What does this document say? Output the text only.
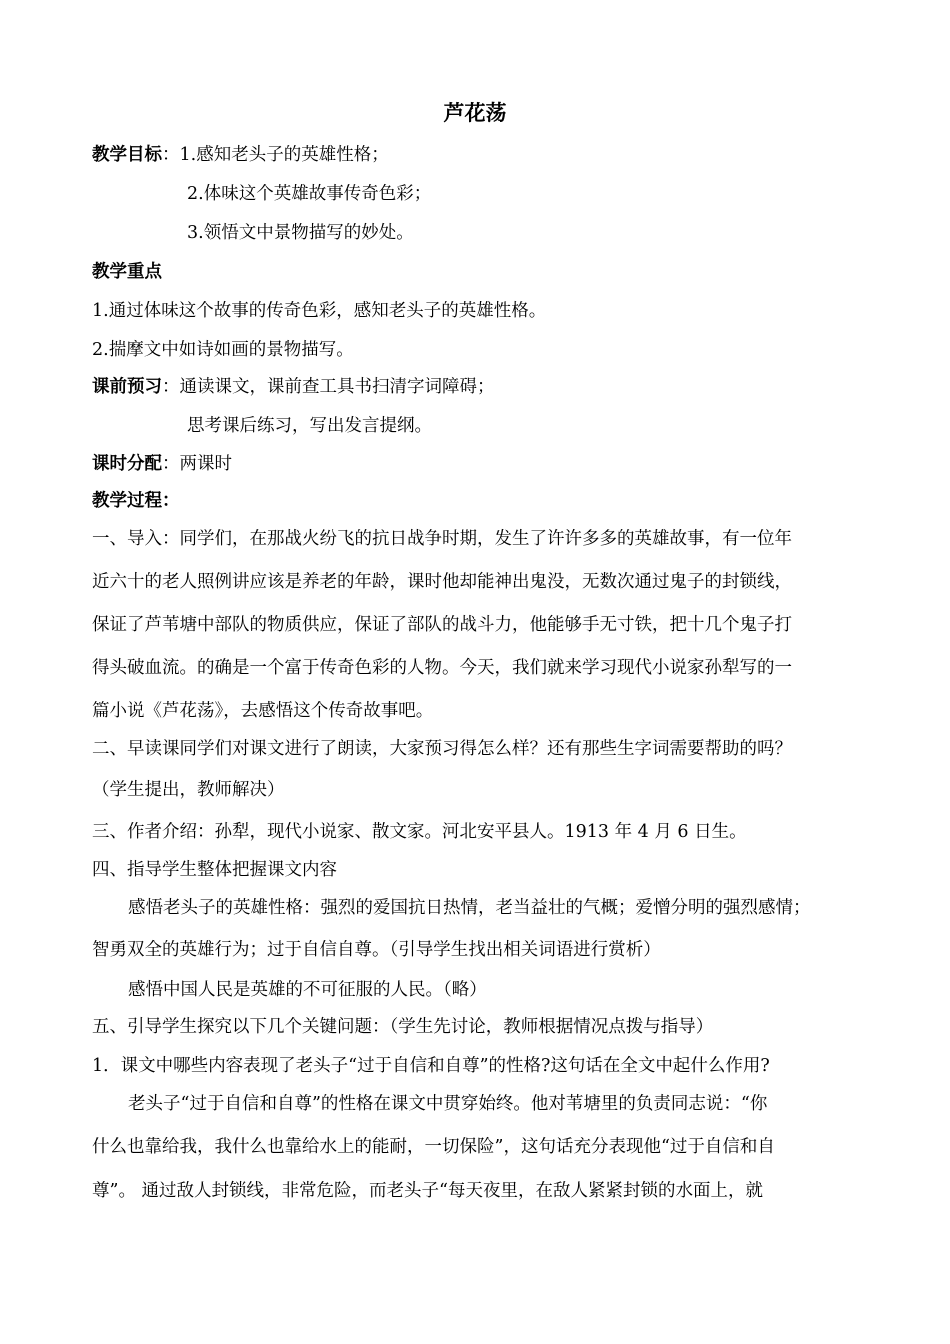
芦花荡
教学目标：1.感知老头子的英雄性格；
2.体味这个英雄故事传奇色彩；
3.领悟文中景物描写的妙处。
教学重点
1.通过体味这个故事的传奇色彩，感知老头子的英雄性格。
2.揣摩文中如诗如画的景物描写。
课前预习：通读课文，课前查工具书扫清字词障碍；
思考课后练习，写出发言提纲。
课时分配：两课时
教学过程：
一、导入：同学们，在那战火纷飞的抗日战争时期，发生了许许多多的英雄故事，有一位年
近六十的老人照例讲应该是养老的年龄，课时他却能神出鬼没，无数次通过鬼子的封锁线，
保证了芦苇塘中部队的物质供应，保证了部队的战斗力，他能够手无寸铁，把十几个鬼子打
得头破血流。的确是一个富于传奇色彩的人物。今天，我们就来学习现代小说家孙犁写的一
篇小说《芦花荡》，去感悟这个传奇故事吧。
二、早读课同学们对课文进行了朗读，大家预习得怎么样？还有那些生字词需要帮助的吗？
（学生提出，教师解决）
三、作者介绍：孙犁，现代小说家、散文家。河北安平县人。1913 年 4 月 6 日生。
四、指导学生整体把握课文内容
感悟老头子的英雄性格：强烈的爱国抗日热情，老当益壮的气概；爱憎分明的强烈感情；
智勇双全的英雄行为；过于自信自尊。（引导学生找出相关词语进行赏析）
感悟中国人民是英雄的不可征服的人民。（略）
五、引导学生探究以下几个关键问题：（学生先讨论，教师根据情况点拨与指导）
1．课文中哪些内容表现了老头子“过于自信和自尊”的性格?这句话在全文中起什么作用?
老头子“过于自信和自尊”的性格在课文中贯穿始终。他对苇塘里的负责同志说：“你
什么也靠给我，我什么也靠给水上的能耐，一切保险”，这句话充分表现他“过于自信和自
尊”。 通过敌人封锁线，非常危险，而老头子“每天夜里，在敌人紧紧封锁的水面上，就
